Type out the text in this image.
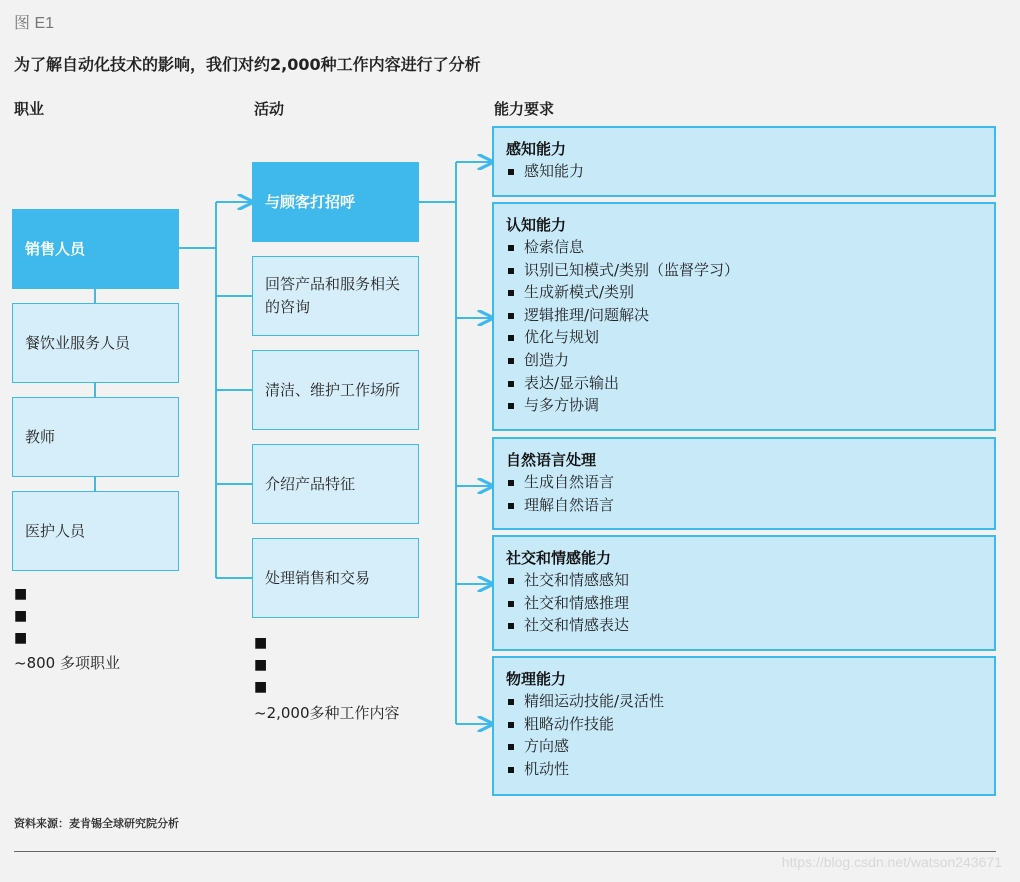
图 E1
为了解自动化技术的影响，我们对约2,000种工作内容进行了分析
职业	活动	能力要求
销售人员
餐饮业服务人员
教师
医护人员
■
■
■
~800 多项职业
与顾客打招呼
回答产品和服务相关的咨询
清洁、维护工作场所
介绍产品特征
处理销售和交易
■
■
■
~2,000多种工作内容
感知能力
感知能力
认知能力
检索信息
识别已知模式/类别（监督学习）
生成新模式/类别
逻辑推理/问题解决
优化与规划
创造力
表达/显示输出
与多方协调
自然语言处理
生成自然语言
理解自然语言
社交和情感能力
社交和情感感知
社交和情感推理
社交和情感表达
物理能力
精细运动技能/灵活性
粗略动作技能
方向感
机动性
资料来源：麦肯锡全球研究院分析
https://blog.csdn.net/watson243671
